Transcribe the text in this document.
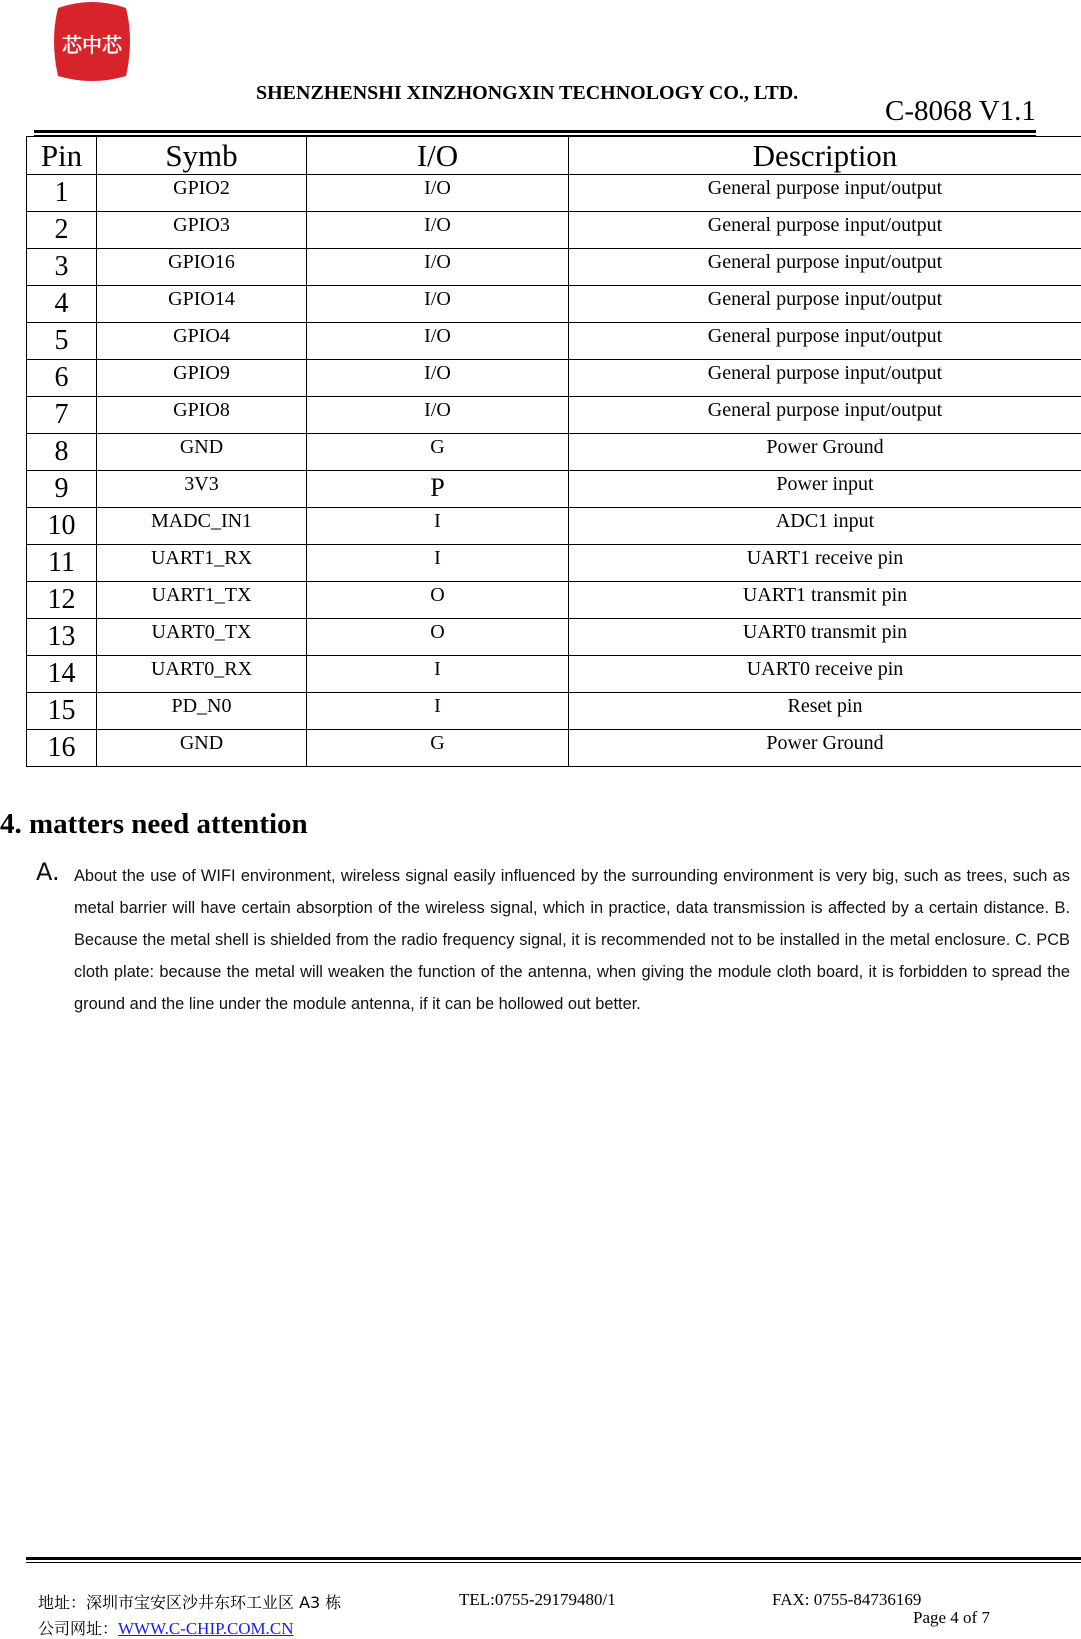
芯中芯
SHENZHENSHI XINZHONGXIN TECHNOLOGY CO., LTD.
C-8068 V1.1
Pin	Symb	I/O	Description
1	GPIO2	I/O	General purpose input/output
2	GPIO3	I/O	General purpose input/output
3	GPIO16	I/O	General purpose input/output
4	GPIO14	I/O	General purpose input/output
5	GPIO4	I/O	General purpose input/output
6	GPIO9	I/O	General purpose input/output
7	GPIO8	I/O	General purpose input/output
8	GND	G	Power Ground
9	3V3	P	Power input
10	MADC_IN1	I	ADC1 input
11	UART1_RX	I	UART1 receive pin
12	UART1_TX	O	UART1 transmit pin
13	UART0_TX	O	UART0 transmit pin
14	UART0_RX	I	UART0 receive pin
15	PD_N0	I	Reset pin
16	GND	G	Power Ground
4. matters need attention
A. About the use of WIFI environment, wireless signal easily influenced by the surrounding environment is very big, such as trees, such as metal barrier will have certain absorption of the wireless signal, which in practice, data transmission is affected by a certain distance. B. Because the metal shell is shielded from the radio frequency signal, it is recommended not to be installed in the metal enclosure. C. PCB cloth plate: because the metal will weaken the function of the antenna, when giving the module cloth board, it is forbidden to spread the ground and the line under the module antenna, if it can be hollowed out better.
地址：深圳市宝安区沙井东环工业区 A3 栋
公司网址：WWW.C-CHIP.COM.CN
TEL:0755-29179480/1	FAX: 0755-84736169
Page 4 of 7
